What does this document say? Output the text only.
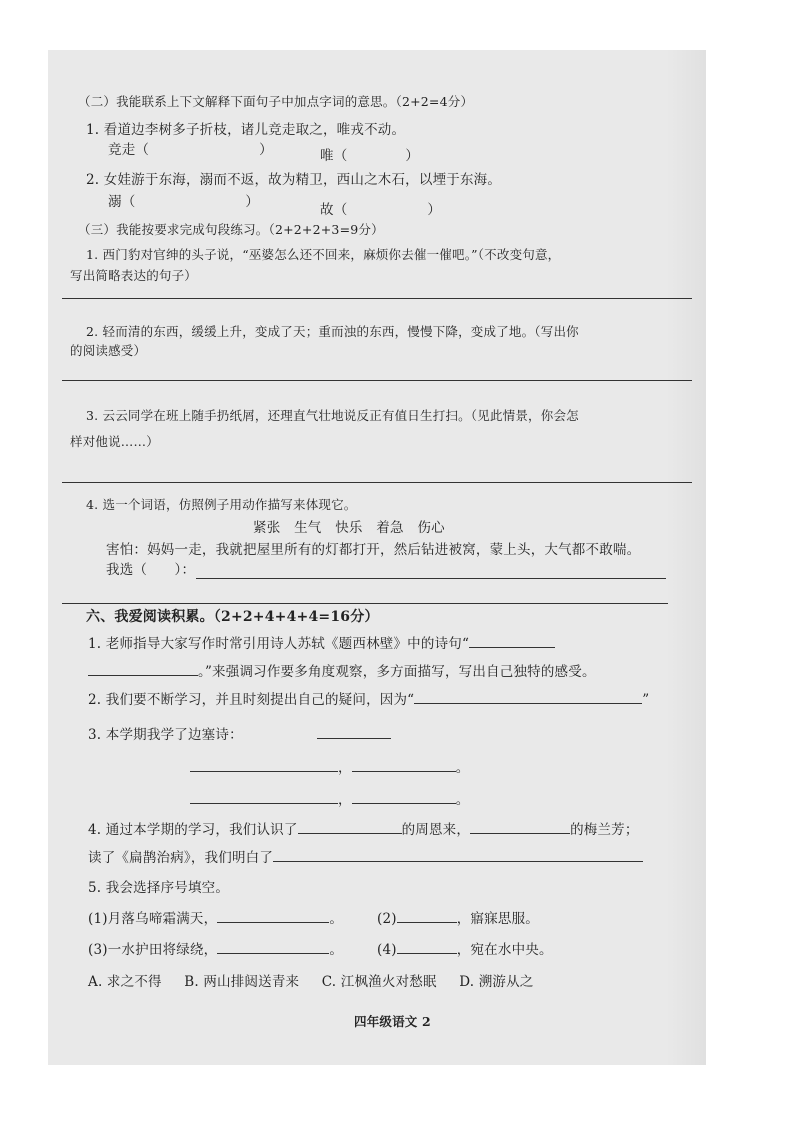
（二）我能联系上下文解释下面句子中加点字词的意思。（2+2=4分）
1. 看道边李树多子折枝，诸儿竞走取之，唯戎不动。
竞走（	）	唯（	）
2. 女娃游于东海，溺而不返，故为精卫，西山之木石，以堙于东海。
溺（	）	故（	）
（三）我能按要求完成句段练习。（2+2+2+3=9分）
1. 西门豹对官绅的头子说，“巫婆怎么还不回来，麻烦你去催一催吧。”（不改变句意，
写出简略表达的句子）
2. 轻而清的东西，缓缓上升，变成了天；重而浊的东西，慢慢下降，变成了地。（写出你
的阅读感受）
3. 云云同学在班上随手扔纸屑，还理直气壮地说反正有值日生打扫。（见此情景，你会怎
样对他说……）
4. 选一个词语，仿照例子用动作描写来体现它。
紧张　生气　快乐　着急　伤心
害怕：妈妈一走，我就把屋里所有的灯都打开，然后钻进被窝，蒙上头，大气都不敢喘。
我选（　　）：
六、我爱阅读积累。（2+2+4+4+4=16分）
1. 老师指导大家写作时常引用诗人苏轼《题西林壁》中的诗句“
。”来强调习作要多角度观察，多方面描写，写出自己独特的感受。
2. 我们要不断学习，并且时刻提出自己的疑问，因为“	”
3. 本学期我学了边塞诗：
，	。
，	。
4. 通过本学期的学习，我们认识了	的周恩来，	的梅兰芳；
读了《扁鹊治病》，我们明白了
5. 我会选择序号填空。
(1)月落乌啼霜满天，	。	(2)	，寤寐思服。
(3)一水护田将绿绕，	。	(4)	，宛在水中央。
A. 求之不得 B. 两山排闼送青来 C. 江枫渔火对愁眠 D. 溯游从之
四年级语文 2
